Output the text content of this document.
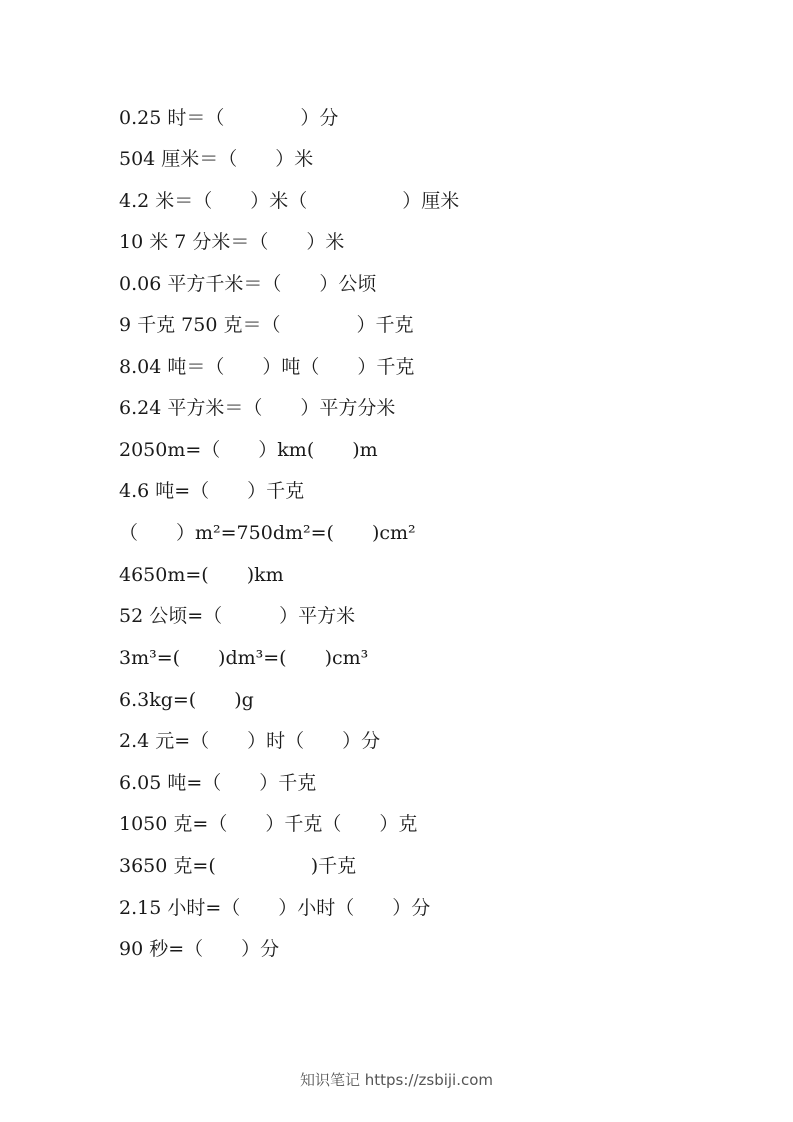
0.25 时＝（　　　　）分
504 厘米＝（　　）米
4.2 米＝（　　）米（　　　　　）厘米
10 米 7 分米＝（　　）米
0.06 平方千米＝（　　）公顷
9 千克 750 克＝（　　　　）千克
8.04 吨＝（　　）吨（　　）千克
6.24 平方米＝（　　）平方分米
2050m=（　　）km(　　)m
4.6 吨=（　　）千克
（　　）m²=750dm²=(　　)cm²
4650m=(　　)km
52 公顷=（　　　）平方米
3m³=(　　)dm³=(　　)cm³
6.3kg=(　　)g
2.4 元=（　　）时（　　）分
6.05 吨=（　　）千克
1050 克=（　　）千克（　　）克
3650 克=(　　　　　)千克
2.15 小时=（　　）小时（　　）分
90 秒=（　　）分
知识笔记 https://zsbiji.com
